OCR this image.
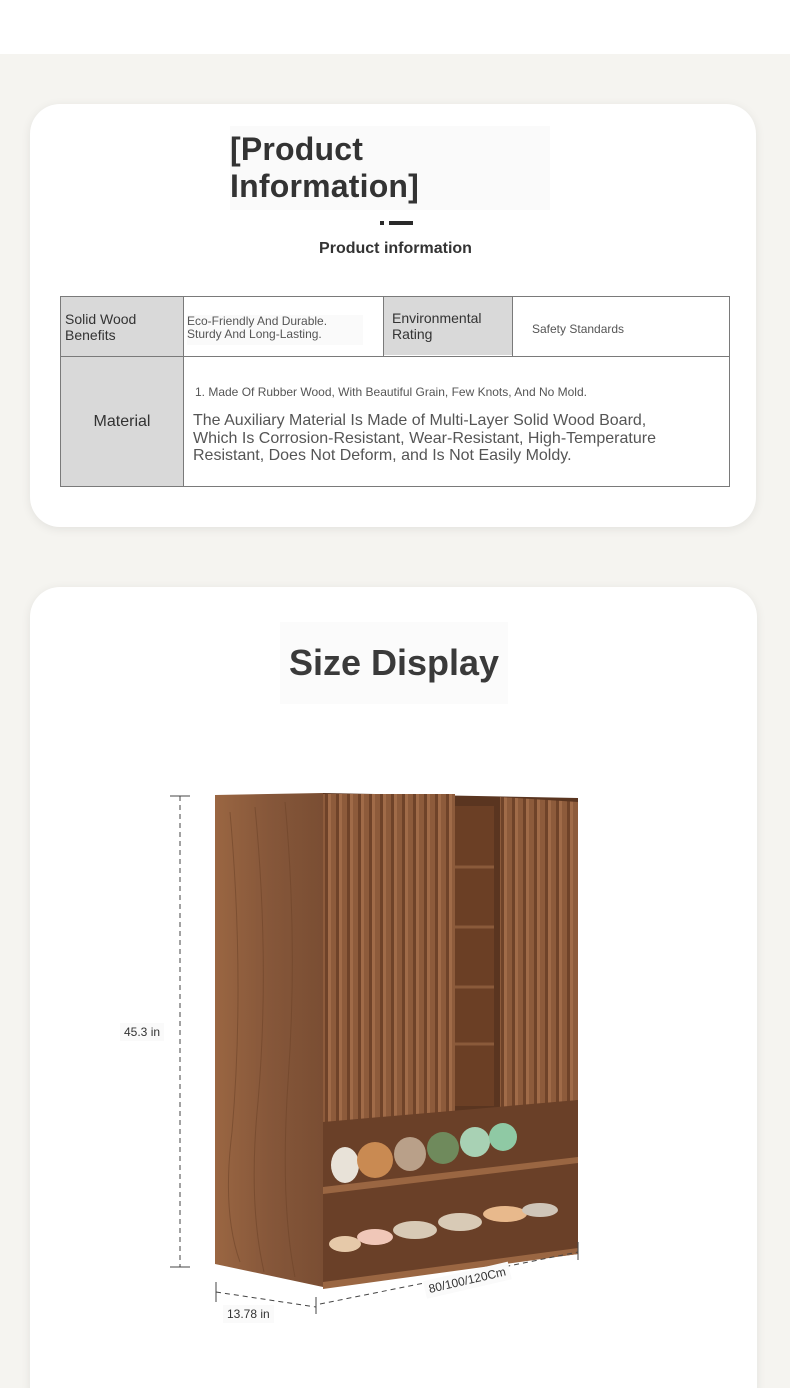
[Product Information]
Product information
Solid Wood Benefits
Eco-Friendly And Durable.
Sturdy And Long-Lasting.
Environmental Rating	Safety Standards
Material
1. Made Of Rubber Wood, With Beautiful Grain, Few Knots, And No Mold.
The Auxiliary Material Is Made of Multi-Layer Solid Wood Board, Which Is Corrosion-Resistant, Wear-Resistant, High-Temperature Resistant, Does Not Deform, and Is Not Easily Moldy.
Size Display
45.3 in
13.78 in
80/100/120Cm
